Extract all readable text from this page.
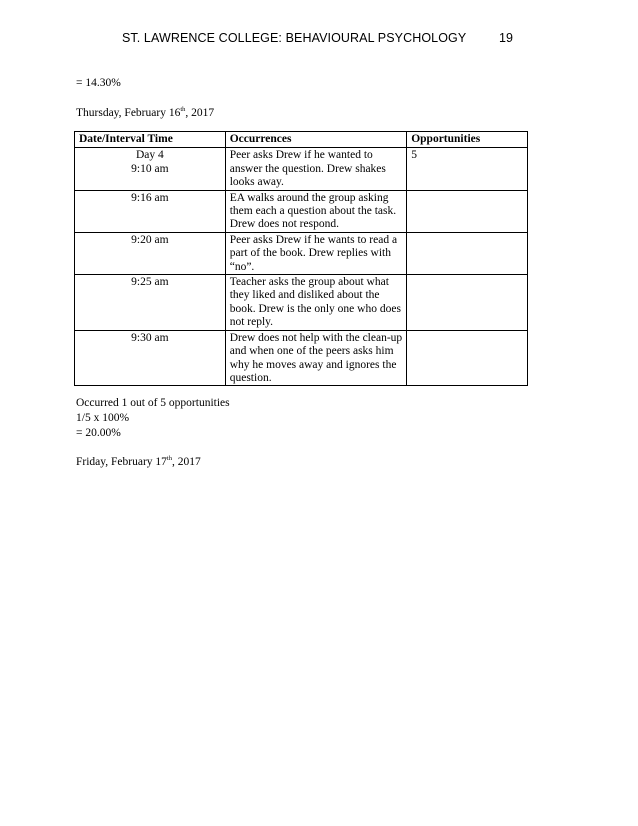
ST. LAWRENCE COLLEGE: BEHAVIOURAL PSYCHOLOGY	19
= 14.30%
Thursday, February 16th, 2017
Date/Interval Time	Occurrences	Opportunities

Day 4
9:10 am	Peer asks Drew if he wanted to answer the question. Drew shakes looks away.	5

9:16 am	EA walks around the group asking them each a question about the task. Drew does not respond.	

9:20 am	Peer asks Drew if he wants to read a part of the book. Drew replies with “no”.	

9:25 am	Teacher asks the group about what they liked and disliked about the book. Drew is the only one who does not reply.	

9:30 am	Drew does not help with the clean-up and when one of the peers asks him why he moves away and ignores the question.	
Occurred 1 out of 5 opportunities
1/5 x 100%
= 20.00%
Friday, February 17th, 2017
